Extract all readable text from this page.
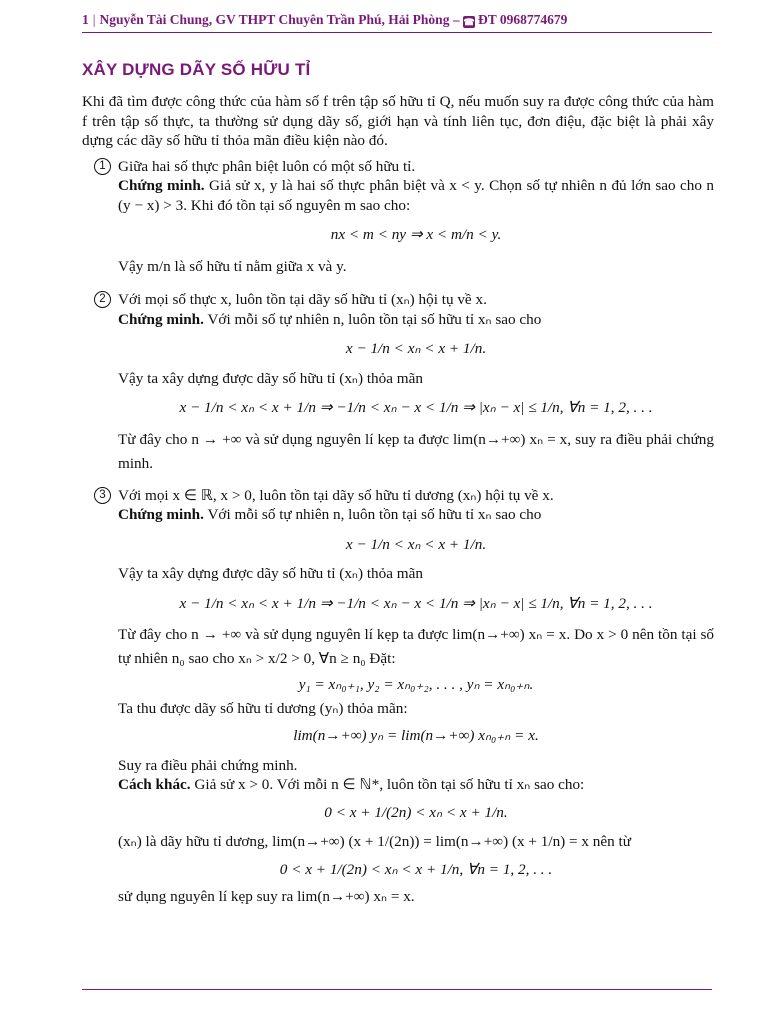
1 | Nguyễn Tài Chung, GV THPT Chuyên Trần Phú, Hải Phòng – ☎ ĐT 0968774679
XÂY DỰNG DÃY SỐ HỮU TỈ

Khi đã tìm được công thức của hàm số f trên tập số hữu tỉ Q, nếu muốn suy ra được công thức của hàm f trên tập số thực, ta thường sử dụng dãy số, giới hạn và tính liên tục, đơn điệu, đặc biệt là phải xây dựng các dãy số hữu tỉ thỏa mãn điều kiện nào đó.

1 Giữa hai số thực phân biệt luôn có một số hữu tỉ.

Chứng minh. Giả sử x, y là hai số thực phân biệt và x < y. Chọn số tự nhiên n đủ lớn sao cho n (y − x) > 3. Khi đó tồn tại số nguyên m sao cho:

nx < m < ny ⇒ x < m/n < y.

Vậy m/n là số hữu tỉ nằm giữa x và y.

2 Với mọi số thực x, luôn tồn tại dãy số hữu tỉ (xₙ) hội tụ về x.

Chứng minh. Với mỗi số tự nhiên n, luôn tồn tại số hữu tỉ xₙ sao cho

x − 1/n < xₙ < x + 1/n.

Vậy ta xây dựng được dãy số hữu tỉ (xₙ) thỏa mãn

x − 1/n < xₙ < x + 1/n ⇒ −1/n < xₙ − x < 1/n ⇒ |xₙ − x| ≤ 1/n, ∀n = 1, 2, . . .

Từ đây cho n → +∞ và sử dụng nguyên lí kẹp ta được lim(n→+∞) xₙ = x, suy ra điều phải chứng minh.

3 Với mọi x ∈ ℝ, x > 0, luôn tồn tại dãy số hữu tỉ dương (xₙ) hội tụ về x.

Chứng minh. Với mỗi số tự nhiên n, luôn tồn tại số hữu tỉ xₙ sao cho

x − 1/n < xₙ < x + 1/n.

Vậy ta xây dựng được dãy số hữu tỉ (xₙ) thỏa mãn

x − 1/n < xₙ < x + 1/n ⇒ −1/n < xₙ − x < 1/n ⇒ |xₙ − x| ≤ 1/n, ∀n = 1, 2, . . .

Từ đây cho n → +∞ và sử dụng nguyên lí kẹp ta được lim(n→+∞) xₙ = x. Do x > 0 nên tồn tại số tự nhiên n₀ sao cho xₙ > x/2 > 0, ∀n ≥ n₀ Đặt:

y₁ = xₙ₀₊₁, y₂ = xₙ₀₊₂, . . . , yₙ = xₙ₀₊ₙ.

Ta thu được dãy số hữu tỉ dương (yₙ) thỏa mãn:

lim(n→+∞) yₙ = lim(n→+∞) xₙ₀₊ₙ = x.

Suy ra điều phải chứng minh.

Cách khác. Giả sử x > 0. Với mỗi n ∈ ℕ*, luôn tồn tại số hữu tỉ xₙ sao cho:

0 < x + 1/(2n) < xₙ < x + 1/n.

(xₙ) là dãy hữu tỉ dương, lim(n→+∞) (x + 1/(2n)) = lim(n→+∞) (x + 1/n) = x nên từ

0 < x + 1/(2n) < xₙ < x + 1/n, ∀n = 1, 2, . . .

sử dụng nguyên lí kẹp suy ra lim(n→+∞) xₙ = x.
